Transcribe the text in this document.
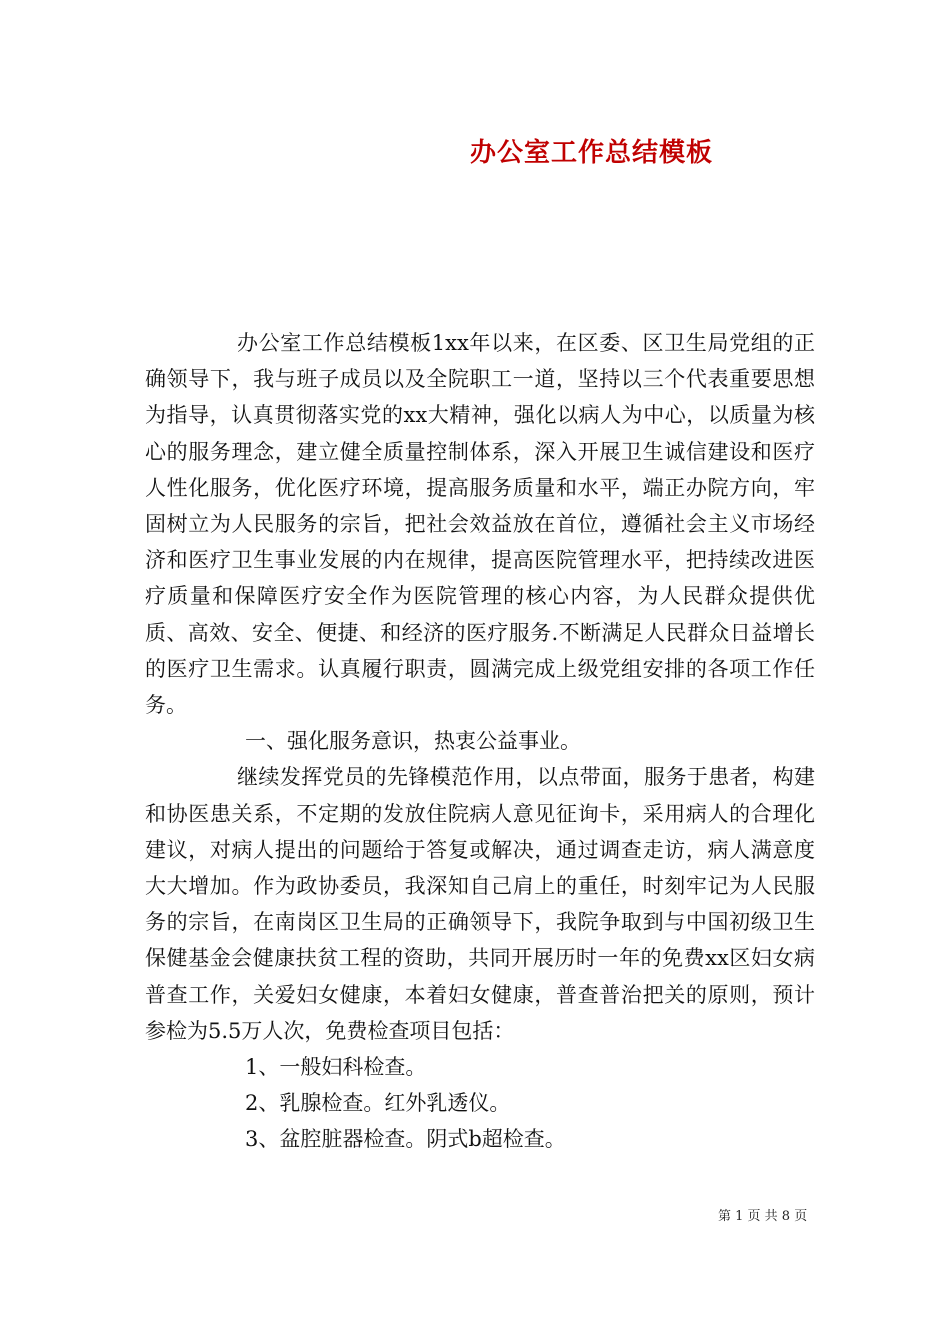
办公室工作总结模板

办公室工作总结模板1xx年以来，在区委、区卫生局党组的正确领导下，我与班子成员以及全院职工一道，坚持以三个代表重要思想为指导，认真贯彻落实党的xx大精神，强化以病人为中心，以质量为核心的服务理念，建立健全质量控制体系，深入开展卫生诚信建设和医疗人性化服务，优化医疗环境，提高服务质量和水平，端正办院方向，牢固树立为人民服务的宗旨，把社会效益放在首位，遵循社会主义市场经济和医疗卫生事业发展的内在规律，提高医院管理水平，把持续改进医疗质量和保障医疗安全作为医院管理的核心内容，为人民群众提供优质、高效、安全、便捷、和经济的医疗服务.不断满足人民群众日益增长的医疗卫生需求。认真履行职责，圆满完成上级党组安排的各项工作任务。

一、强化服务意识，热衷公益事业。

继续发挥党员的先锋模范作用，以点带面，服务于患者，构建和协医患关系，不定期的发放住院病人意见征询卡，采用病人的合理化建议，对病人提出的问题给于答复或解决，通过调查走访，病人满意度大大增加。作为政协委员，我深知自己肩上的重任，时刻牢记为人民服务的宗旨，在南岗区卫生局的正确领导下，我院争取到与中国初级卫生保健基金会健康扶贫工程的资助，共同开展历时一年的免费xx区妇女病普查工作，关爱妇女健康，本着妇女健康，普查普治把关的原则，预计参检为5.5万人次，免费检查项目包括：

1、一般妇科检查。

2、乳腺检查。红外乳透仪。

3、盆腔脏器检查。阴式b超检查。

第 1 页 共 8 页
